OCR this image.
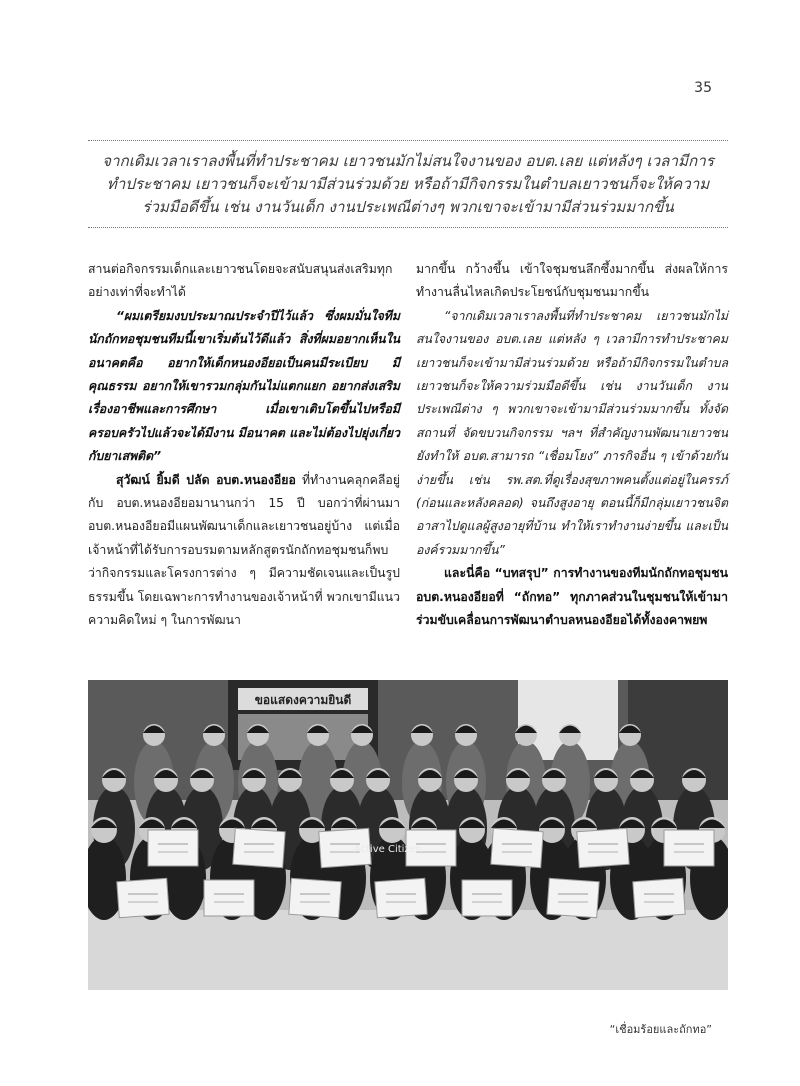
35
จากเดิมเวลาเราลงพื้นที่ทำประชาคม เยาวชนมักไม่สนใจงานของ อบต.เลย แต่หลังๆ เวลามีการทำประชาคม เยาวชนก็จะเข้ามามีส่วนร่วมด้วย หรือถ้ามีกิจกรรมในตำบลเยาวชนก็จะให้ความร่วมมือดีขึ้น เช่น งานวันเด็ก งานประเพณีต่างๆ พวกเขาจะเข้ามามีส่วนร่วมมากขึ้น

สานต่อกิจกรรมเด็กและเยาวชนโดยจะสนับสนุนส่งเสริมทุกอย่างเท่าที่จะทำได้

“ผมเตรียมงบประมาณประจำปีไว้แล้ว ซึ่งผมมั่นใจทีมนักถักทอชุมชนทีมนี้เขาเริ่มต้นไว้ดีแล้ว สิ่งที่ผมอยากเห็นในอนาคตคือ อยากให้เด็กหนองอียอเป็นคนมีระเบียบ มีคุณธรรม อยากให้เขารวมกลุ่มกันไม่แตกแยก อยากส่งเสริมเรื่องอาชีพและการศึกษา เมื่อเขาเติบโตขึ้นไปหรือมีครอบครัวไปแล้วจะได้มีงาน มีอนาคต และไม่ต้องไปยุ่งเกี่ยวกับยาเสพติด”

สุวัฒน์ ยิ้มดี ปลัด อบต.หนองอียอ ที่ทำงานคลุกคลีอยู่กับ อบต.หนองอียอมานานกว่า 15 ปี บอกว่าที่ผ่านมา อบต.หนองอียอมีแผนพัฒนาเด็กและเยาวชนอยู่บ้าง แต่เมื่อเจ้าหน้าที่ได้รับการอบรมตามหลักสูตรนักถักทอชุมชนก็พบว่ากิจกรรมและโครงการต่าง ๆ มีความชัดเจนและเป็นรูปธรรมขึ้น โดยเฉพาะการทำงานของเจ้าหน้าที่ พวกเขามีแนวความคิดใหม่ ๆ ในการพัฒนา

มากขึ้น กว้างขึ้น เข้าใจชุมชนลึกซึ้งมากขึ้น ส่งผลให้การทำงานลื่นไหลเกิดประโยชน์กับชุมชนมากขึ้น

“จากเดิมเวลาเราลงพื้นที่ทำประชาคม เยาวชนมักไม่สนใจงานของ อบต.เลย แต่หลัง ๆ เวลามีการทำประชาคม เยาวชนก็จะเข้ามามีส่วนร่วมด้วย หรือถ้ามีกิจกรรมในตำบลเยาวชนก็จะให้ความร่วมมือดีขึ้น เช่น งานวันเด็ก งานประเพณีต่าง ๆ พวกเขาจะเข้ามามีส่วนร่วมมากขึ้น ทั้งจัดสถานที่ จัดขบวนกิจกรรม ฯลฯ ที่สำคัญงานพัฒนาเยาวชนยังทำให้ อบต.สามารถ “เชื่อมโยง” ภารกิจอื่น ๆ เข้าด้วยกันง่ายขึ้น เช่น รพ.สต.ที่ดูเรื่องสุขภาพคนตั้งแต่อยู่ในครรภ์ (ก่อนและหลังคลอด) จนถึงสูงอายุ ตอนนี้ก็มีกลุ่มเยาวชนจิตอาสาไปดูแลผู้สูงอายุที่บ้าน ทำให้เราทำงานง่ายขึ้น และเป็นองค์รวมมากขึ้น”

และนี่คือ “บทสรุป” การทำงานของทีมนักถักทอชุมชน อบต.หนองอียอที่ “ถักทอ” ทุกภาคส่วนในชุมชนให้เข้ามาร่วมขับเคลื่อนการพัฒนาตำบลหนองอียอได้ทั้งองคาพยพ

ขอแสดงความยินดี
Active Citizen
“เชื่อมร้อยและถักทอ”
